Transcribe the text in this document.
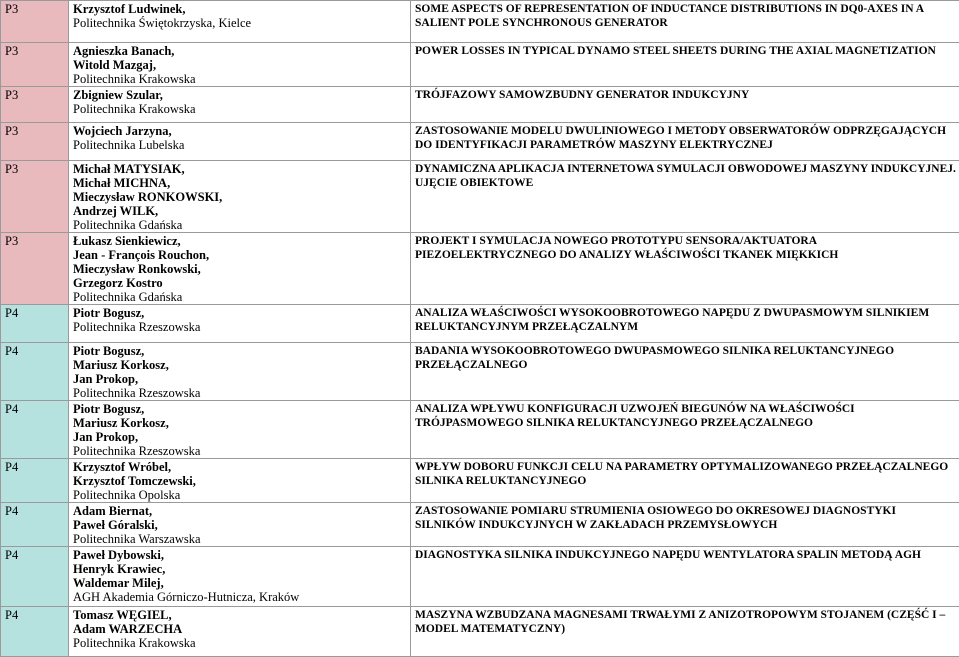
P3	Krzysztof Ludwinek,
Politechnika Świętokrzyska, Kielce	SOME ASPECTS OF REPRESENTATION OF INDUCTANCE DISTRIBUTIONS IN DQ0-AXES IN A SALIENT POLE SYNCHRONOUS GENERATOR
P3	Agnieszka Banach,
Witold Mazgaj,
Politechnika Krakowska	POWER LOSSES IN TYPICAL DYNAMO STEEL SHEETS DURING THE AXIAL MAGNETIZATION
P3	Zbigniew Szular,
Politechnika Krakowska	TRÓJFAZOWY SAMOWZBUDNY GENERATOR INDUKCYJNY
P3	Wojciech Jarzyna,
Politechnika Lubelska	ZASTOSOWANIE MODELU DWULINIOWEGO I METODY OBSERWATORÓW ODPRZĘGAJĄCYCH DO IDENTYFIKACJI PARAMETRÓW MASZYNY ELEKTRYCZNEJ
P3	Michał MATYSIAK,
Michał MICHNA,
Mieczysław RONKOWSKI,
Andrzej WILK,
Politechnika Gdańska	DYNAMICZNA APLIKACJA INTERNETOWA SYMULACJI OBWODOWEJ MASZYNY INDUKCYJNEJ. UJĘCIE OBIEKTOWE
P3	Łukasz Sienkiewicz,
Jean - François Rouchon,
Mieczysław Ronkowski,
Grzegorz Kostro
Politechnika Gdańska	PROJEKT I SYMULACJA NOWEGO PROTOTYPU SENSORA/AKTUATORA PIEZOELEKTRYCZNEGO DO ANALIZY WŁAŚCIWOŚCI TKANEK MIĘKKICH
P4	Piotr Bogusz,
Politechnika Rzeszowska	ANALIZA WŁAŚCIWOŚCI WYSOKOOBROTOWEGO NAPĘDU Z DWUPASMOWYM SILNIKIEM RELUKTANCYJNYM PRZEŁĄCZALNYM
P4	Piotr Bogusz,
Mariusz Korkosz,
Jan Prokop,
Politechnika Rzeszowska	BADANIA WYSOKOOBROTOWEGO DWUPASMOWEGO SILNIKA RELUKTANCYJNEGO PRZEŁĄCZALNEGO
P4	Piotr Bogusz,
Mariusz Korkosz,
Jan Prokop,
Politechnika Rzeszowska	ANALIZA WPŁYWU KONFIGURACJI UZWOJEŃ BIEGUNÓW NA WŁAŚCIWOŚCI TRÓJPASMOWEGO SILNIKA RELUKTANCYJNEGO PRZEŁĄCZALNEGO
P4	Krzysztof Wróbel,
Krzysztof Tomczewski,
Politechnika Opolska	WPŁYW DOBORU FUNKCJI CELU NA PARAMETRY OPTYMALIZOWANEGO PRZEŁĄCZALNEGO SILNIKA RELUKTANCYJNEGO
P4	Adam Biernat,
Paweł Góralski,
Politechnika Warszawska	ZASTOSOWANIE POMIARU STRUMIENIA OSIOWEGO DO OKRESOWEJ DIAGNOSTYKI SILNIKÓW INDUKCYJNYCH W ZAKŁADACH PRZEMYSŁOWYCH
P4	Paweł Dybowski,
Henryk Krawiec,
Waldemar Milej,
AGH Akademia Górniczo-Hutnicza, Kraków	DIAGNOSTYKA SILNIKA INDUKCYJNEGO NAPĘDU WENTYLATORA SPALIN METODĄ AGH
P4	Tomasz WĘGIEL,
Adam WARZECHA
Politechnika Krakowska	MASZYNA WZBUDZANA MAGNESAMI TRWAŁYMI Z ANIZOTROPOWYM STOJANEM (CZĘŚĆ I – MODEL MATEMATYCZNY)
